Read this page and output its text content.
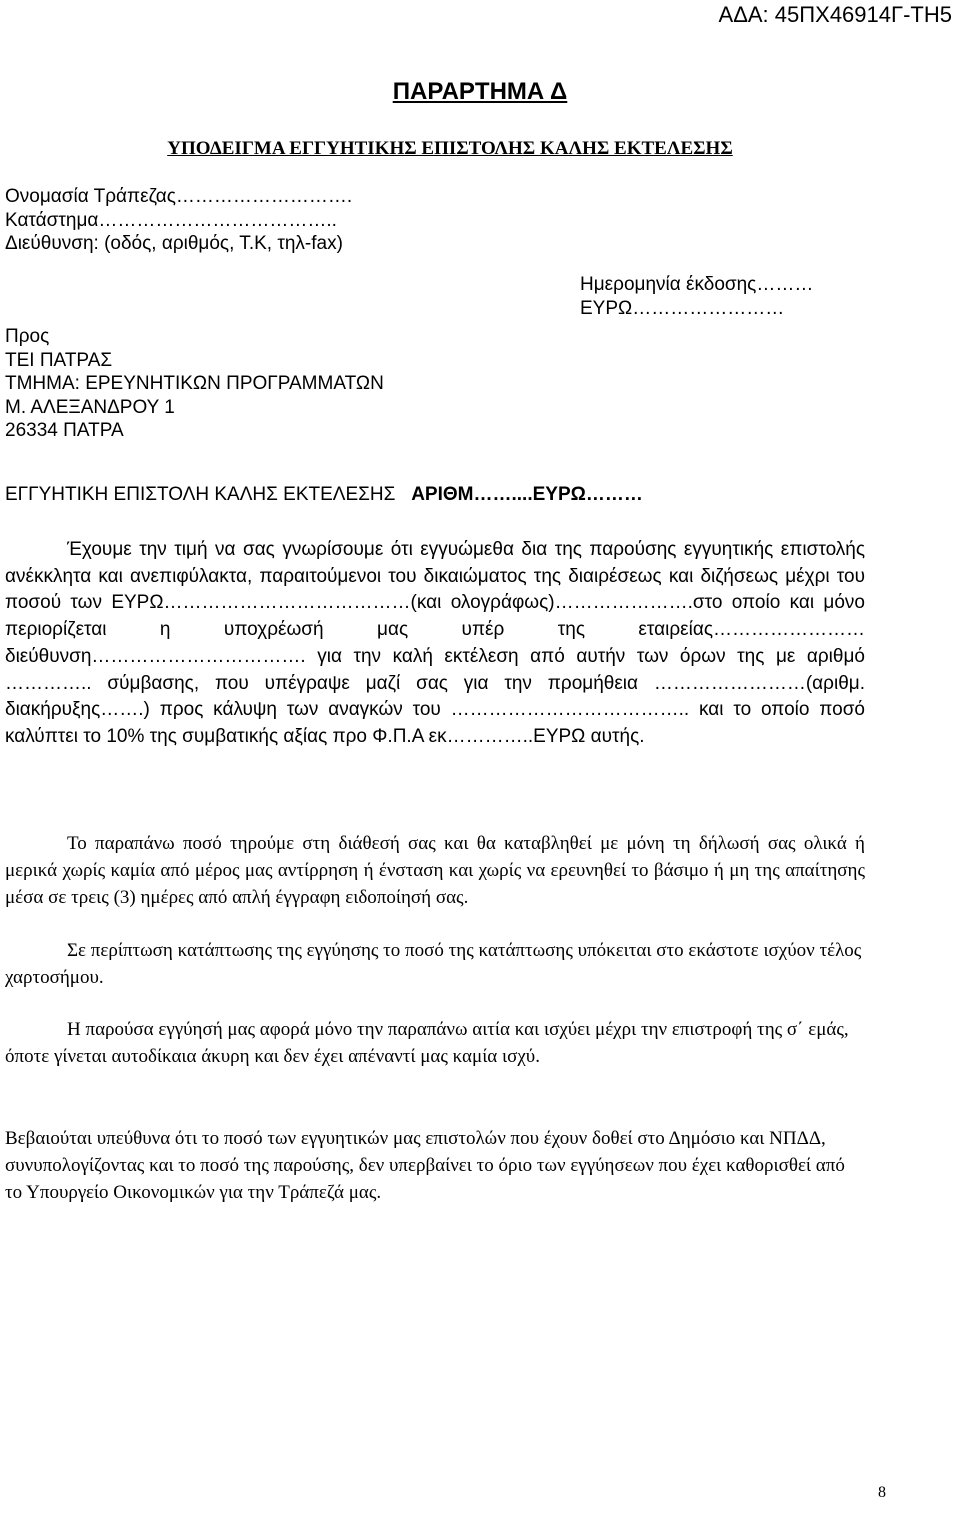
ΑΔΑ: 45ΠΧ46914Γ-ΤΗ5
ΠΑΡΑΡΤΗΜΑ Δ
ΥΠΟΔΕΙΓΜΑ ΕΓΓΥΗΤΙΚΗΣ ΕΠΙΣΤΟΛΗΣ ΚΑΛΗΣ ΕΚΤΕΛΕΣΗΣ
Ονομασία Τράπεζας……………………….
Κατάστημα………………………………..
Διεύθυνση: (οδός, αριθμός, Τ.Κ, τηλ-fax)
Ημερομηνία έκδοσης………
ΕΥΡΩ……………………
Προς
ΤΕΙ ΠΑΤΡΑΣ
ΤΜΗΜΑ: ΕΡΕΥΝΗΤΙΚΩΝ ΠΡΟΓΡΑΜΜΑΤΩΝ
Μ. ΑΛΕΞΑΝΔΡΟΥ 1
26334 ΠΑΤΡΑ
ΕΓΓΥΗΤΙΚΗ ΕΠΙΣΤΟΛΗ ΚΑΛΗΣ ΕΚΤΕΛΕΣΗΣ ΑΡΙΘΜ……....ΕΥΡΩ………

Έχουμε την τιμή να σας γνωρίσουμε ότι εγγυώμεθα δια της παρούσης εγγυητικής επιστολής ανέκκλητα και ανεπιφύλακτα, παραιτούμενοι του δικαιώματος της διαιρέσεως και διζήσεως μέχρι του ποσού των ΕΥΡΩ…………………………………(και ολογράφως)………………….στο οποίο και μόνο περιορίζεται η υποχρέωσή μας υπέρ της εταιρείας……………………διεύθυνση……………………………. για την καλή εκτέλεση από αυτήν των όρων της με αριθμό ………….. σύμβασης, που υπέγραψε μαζί σας για την προμήθεια ……………………(αριθμ. διακήρυξης…….) προς κάλυψη των αναγκών του ……………………………….. και το οποίο ποσό καλύπτει το 10% της συμβατικής αξίας προ Φ.Π.Α εκ…………..ΕΥΡΩ αυτής.

Το παραπάνω ποσό τηρούμε στη διάθεσή σας και θα καταβληθεί με μόνη τη δήλωσή σας ολικά ή μερικά χωρίς καμία από μέρος μας αντίρρηση ή ένσταση και χωρίς να ερευνηθεί το βάσιμο ή μη της απαίτησης μέσα σε τρεις (3) ημέρες από απλή έγγραφη ειδοποίησή σας.

Σε περίπτωση κατάπτωσης της εγγύησης το ποσό της κατάπτωσης υπόκειται στο εκάστοτε ισχύον τέλος χαρτοσήμου.

Η παρούσα εγγύησή μας αφορά μόνο την παραπάνω αιτία και ισχύει μέχρι την επιστροφή της σ΄ εμάς, όποτε γίνεται αυτοδίκαια άκυρη και δεν έχει απέναντί μας καμία ισχύ.

Βεβαιούται υπεύθυνα ότι το ποσό των εγγυητικών μας επιστολών που έχουν δοθεί στο Δημόσιο και ΝΠΔΔ, συνυπολογίζοντας και το ποσό της παρούσης, δεν υπερβαίνει το όριο των εγγύησεων που έχει καθορισθεί από το Υπουργείο Οικονομικών για την Τράπεζά μας.

8
